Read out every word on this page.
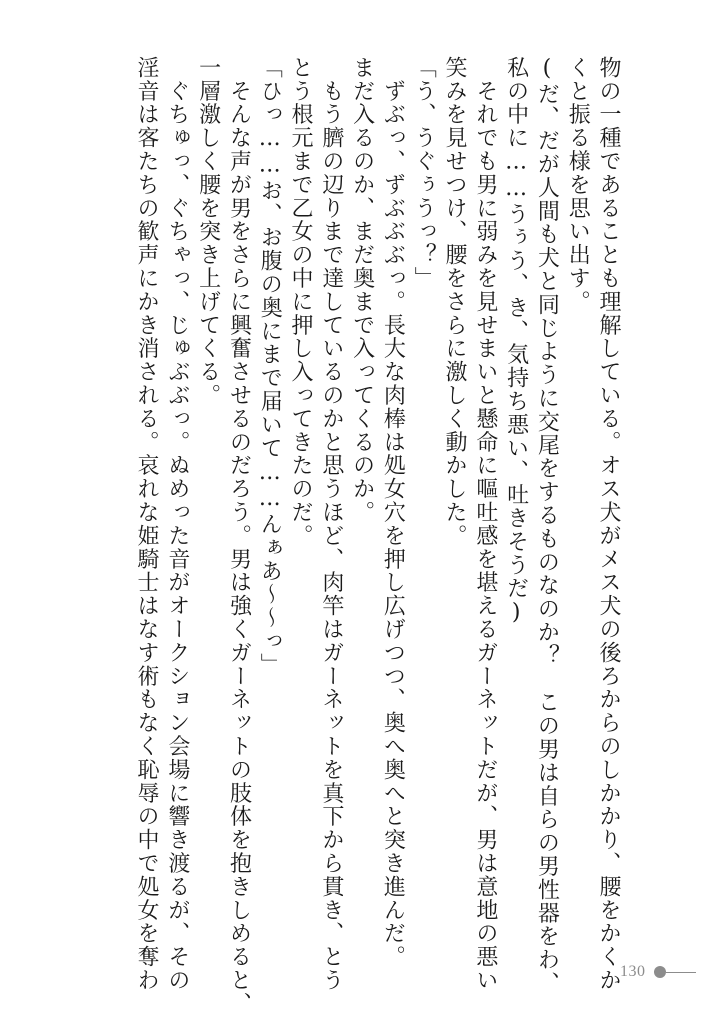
物の一種であることも理解している。オス犬がメス犬の後ろからのしかかり、腰をかくか
くと振る様を思い出す。
(だ、だが人間も犬と同じように交尾をするものなのか？　この男は自らの男性器をわ、
私の中に……うぅう、き、気持ち悪い、吐きそうだ)
　それでも男に弱みを見せまいと懸命に嘔吐感を堪えるガーネットだが、男は意地の悪い
笑みを見せつけ、腰をさらに激しく動かした。
「う、うぐぅうっ？」
　ずぶっ、ずぶぶぶっ。長大な肉棒は処女穴を押し広げつつ、奥へ奥へと突き進んだ。
まだ入るのか、まだ奥まで入ってくるのか。
　もう臍の辺りまで達しているのかと思うほど、肉竿はガーネットを真下から貫き、とう
とう根元まで乙女の中に押し入ってきたのだ。
「ひっ……お、お腹の奥にまで届いて……んぁあ～～っ」
　そんな声が男をさらに興奮させるのだろう。男は強くガーネットの肢体を抱きしめると、
一層激しく腰を突き上げてくる。
　ぐちゅっ、ぐちゃっ、じゅぶぶっ。ぬめった音がオークション会場に響き渡るが、その
淫音は客たちの歓声にかき消される。哀れな姫騎士はなす術もなく恥辱の中で処女を奪わ	130
